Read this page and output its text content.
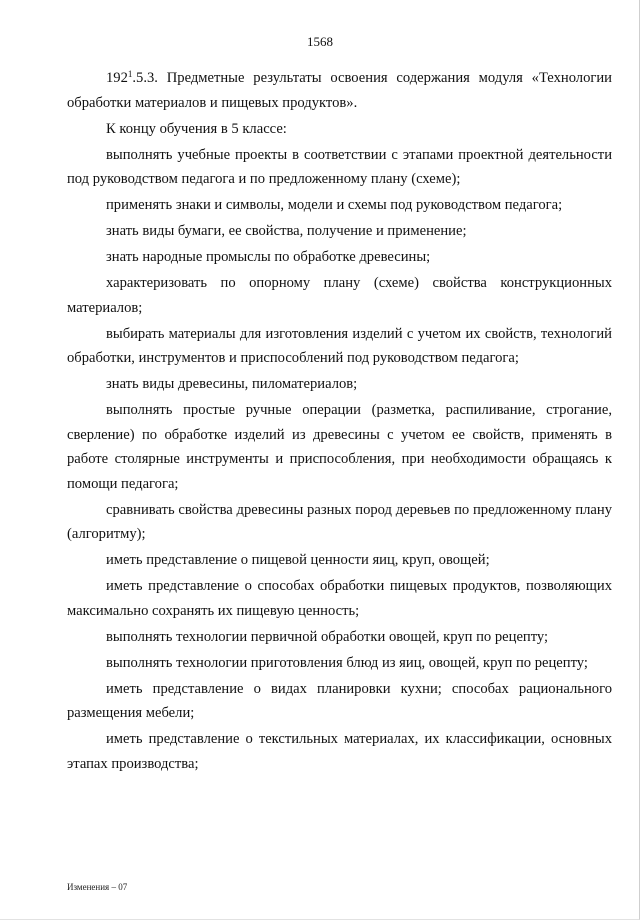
1568

$192^1.5.3$. Предметные результаты освоения содержания модуля «Технологии обработки материалов и пищевых продуктов».

К концу обучения в 5 классе:

выполнять учебные проекты в соответствии с этапами проектной деятельности под руководством педагога и по предложенному плану (схеме);

применять знаки и символы, модели и схемы под руководством педагога;

знать виды бумаги, ее свойства, получение и применение;

знать народные промыслы по обработке древесины;

характеризовать по опорному плану (схеме) свойства конструкционных материалов;

выбирать материалы для изготовления изделий с учетом их свойств, технологий обработки, инструментов и приспособлений под руководством педагога;

знать виды древесины, пиломатериалов;

выполнять простые ручные операции (разметка, распиливание, строгание, сверление) по обработке изделий из древесины с учетом ее свойств, применять в работе столярные инструменты и приспособления, при необходимости обращаясь к помощи педагога;

сравнивать свойства древесины разных пород деревьев по предложенному плану (алгоритму);

иметь представление о пищевой ценности яиц, круп, овощей;

иметь представление о способах обработки пищевых продуктов, позволяющих максимально сохранять их пищевую ценность;

выполнять технологии первичной обработки овощей, круп по рецепту;

выполнять технологии приготовления блюд из яиц, овощей, круп по рецепту;

иметь представление о видах планировки кухни; способах рационального размещения мебели;

иметь представление о текстильных материалах, их классификации, основных этапах производства;

Изменения – 07
